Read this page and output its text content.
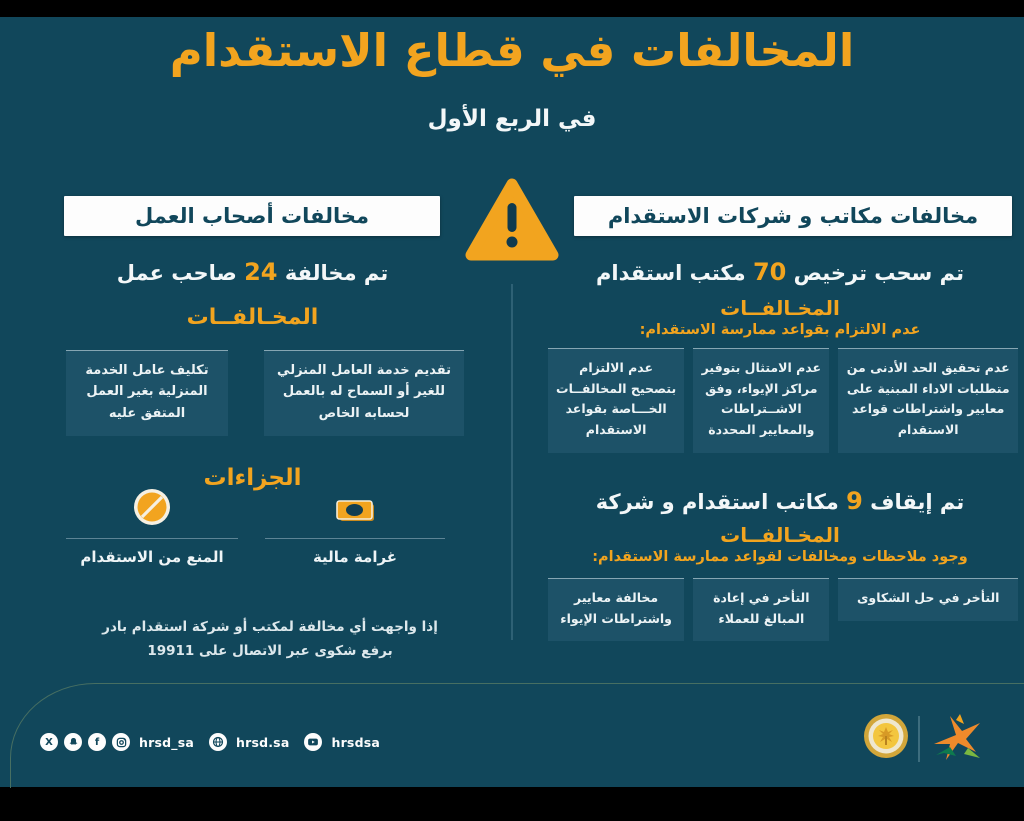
المخالفات في قطاع الاستقدام
في الربع الأول
مخالفات مكاتب و شركات الاستقدام
تم سحب ترخيص 70 مكتب استقدام
المخـالفــات
عدم الالتزام بقواعد ممارسة الاستقدام:
عدم تحقيق الحد الأدنى من متطلبات الاداء المبنية على معايير واشتراطات قواعد الاستقدام
عدم الامتثال بتوفير مراكز الإيواء، وفق الاشــتراطات والمعايير المحددة
عدم الالتزام بتصحيح المخالفــات الخـــاصة بقواعد الاستقدام
تم إيقاف 9 مكاتب استقدام و شركة
المخـالفــات
وجود ملاحظات ومخالفات لقواعد ممارسة الاستقدام:
التأخر في حل الشكاوى
التأخر في إعادة المبالغ للعملاء
مخالفة معايير واشتراطات الإيواء
مخالفات أصحاب العمل
تم مخالفة 24 صاحب عمل
المخـالفــات
تقديم خدمة العامل المنزلي للغير أو السماح له بالعمل لحسابه الخاص
تكليف عامل الخدمة المنزلية بغير العمل المتفق عليه
الجزاءات
غرامة مالية
المنع من الاستقدام
إذا واجهت أي مخالفة لمكتب أو شركة استقدام بادر
برفع شكوى عبر الاتصال على 19911
X	f	hrsd_sa	hrsd.sa	hrsdsa
